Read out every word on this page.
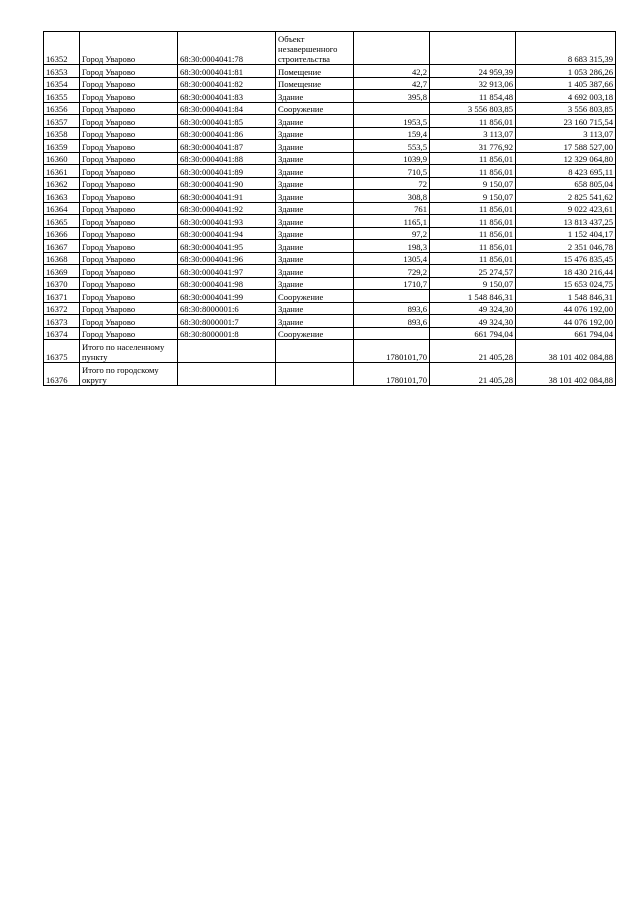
16352	Город Уварово	68:30:0004041:78	Объект незавершенного строительства			8 683 315,39
16353	Город Уварово	68:30:0004041:81	Помещение	42,2	24 959,39	1 053 286,26
16354	Город Уварово	68:30:0004041:82	Помещение	42,7	32 913,06	1 405 387,66
16355	Город Уварово	68:30:0004041:83	Здание	395,8	11 854,48	4 692 003,18
16356	Город Уварово	68:30:0004041:84	Сооружение		3 556 803,85	3 556 803,85
16357	Город Уварово	68:30:0004041:85	Здание	1953,5	11 856,01	23 160 715,54
16358	Город Уварово	68:30:0004041:86	Здание	159,4	3 113,07	3 113,07
16359	Город Уварово	68:30:0004041:87	Здание	553,5	31 776,92	17 588 527,00
16360	Город Уварово	68:30:0004041:88	Здание	1039,9	11 856,01	12 329 064,80
16361	Город Уварово	68:30:0004041:89	Здание	710,5	11 856,01	8 423 695,11
16362	Город Уварово	68:30:0004041:90	Здание	72	9 150,07	658 805,04
16363	Город Уварово	68:30:0004041:91	Здание	308,8	9 150,07	2 825 541,62
16364	Город Уварово	68:30:0004041:92	Здание	761	11 856,01	9 022 423,61
16365	Город Уварово	68:30:0004041:93	Здание	1165,1	11 856,01	13 813 437,25
16366	Город Уварово	68:30:0004041:94	Здание	97,2	11 856,01	1 152 404,17
16367	Город Уварово	68:30:0004041:95	Здание	198,3	11 856,01	2 351 046,78
16368	Город Уварово	68:30:0004041:96	Здание	1305,4	11 856,01	15 476 835,45
16369	Город Уварово	68:30:0004041:97	Здание	729,2	25 274,57	18 430 216,44
16370	Город Уварово	68:30:0004041:98	Здание	1710,7	9 150,07	15 653 024,75
16371	Город Уварово	68:30:0004041:99	Сооружение		1 548 846,31	1 548 846,31
16372	Город Уварово	68:30:8000001:6	Здание	893,6	49 324,30	44 076 192,00
16373	Город Уварово	68:30:8000001:7	Здание	893,6	49 324,30	44 076 192,00
16374	Город Уварово	68:30:8000001:8	Сооружение		661 794,04	661 794,04
16375	Итого по населенному пункту			1780101,70	21 405,28	38 101 402 084,88
16376	Итого по городскому округу			1780101,70	21 405,28	38 101 402 084,88
